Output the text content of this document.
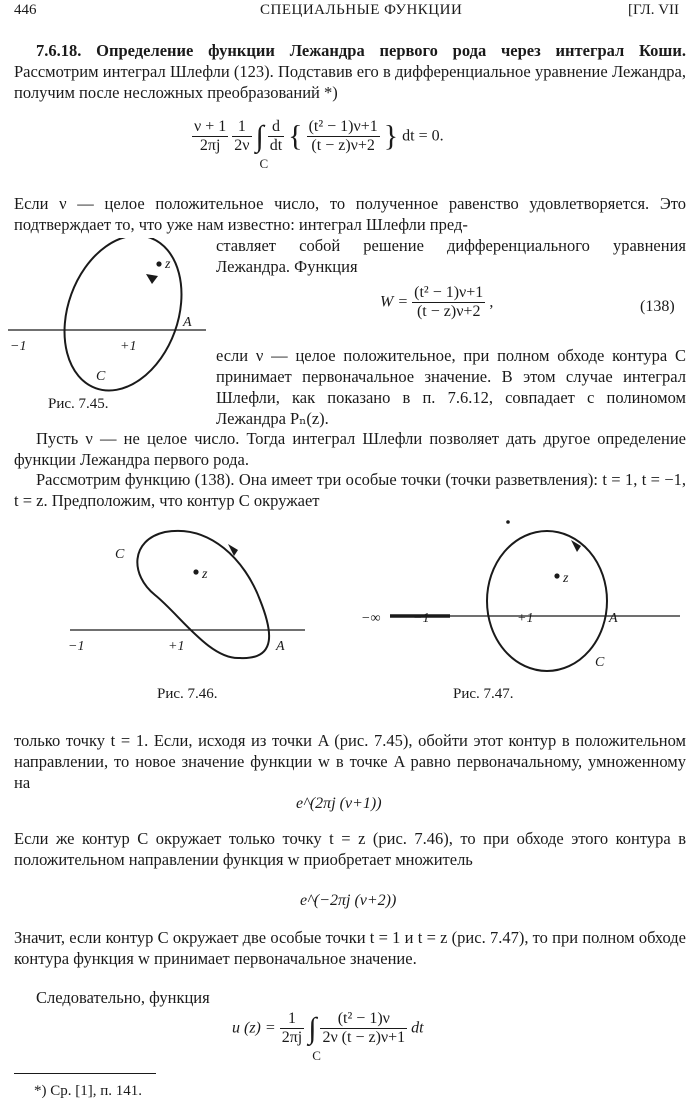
446	СПЕЦИАЛЬНЫЕ ФУНКЦИИ	[ГЛ. VII

7.6.18. Определение функции Лежандра первого рода через интеграл Коши. Рассмотрим интеграл Шлефли (123). Подставив его в дифференциальное уравнение Лежандра, получим после несложных преобразований *)

$\frac{\nu + 1}{2\pi j}$
$\frac{1}{2\nu}$ ∫
C

$\frac{d}{dt}$ { $\frac{\text{(t² − 1)ν+1}}{(t - z)\nu+2}$ } dt = 0.

Если ν — целое положительное число, то полученное равенство удовлетворяется. Это подтверждает то, что уже нам известно: интеграл Шлефли пред-

z
A
−1	+1
C
Рис. 7.45.

ставляет собой решение дифференциального уравнения Лежандра. Функция

$W = \frac{\text{(t² − 1)ν+1}}{(t - z)\nu+2}$ ,	(138)

если ν — целое положительное, при полном обходе контура C принимает первоначальное значение. В этом случае интеграл Шлефли, как показано в п. 7.6.12, совпадает с полиномом Лежандра Pₙ(z).

Пусть ν — не целое число. Тогда интеграл Шлефли позволяет дать другое определение функции Лежандра первого рода.

Рассмотрим функцию (138). Она имеет три особые точки (точки разветвления): t = 1, t = −1, t = z. Предположим, что контур C окружает

C
z
−1	+1	A
Рис. 7.46.
z
−∞ −1	+1	A
C
Рис. 7.47.

только точку t = 1. Если, исходя из точки A (рис. 7.45), обойти этот контур в положительном направлении, то новое значение функции w в точке A равно первоначальному, умноженному на

e^(2πj (ν+1))

Если же контур C окружает только точку t = z (рис. 7.46), то при обходе этого контура в положительном направлении функция w приобретает множитель

e^(−2πj (ν+2))

Значит, если контур C окружает две особые точки t = 1 и t = z (рис. 7.47), то при полном обходе контура функция w принимает первоначальное значение.

Следовательно, функция

u $(z) = \frac{1}{2\pi j}$ ∫
C

$\frac{\text{(t² − 1)ν}}{2\nu (t - z)\nu+1}$ dt
*) Ср. [1], п. 141.
